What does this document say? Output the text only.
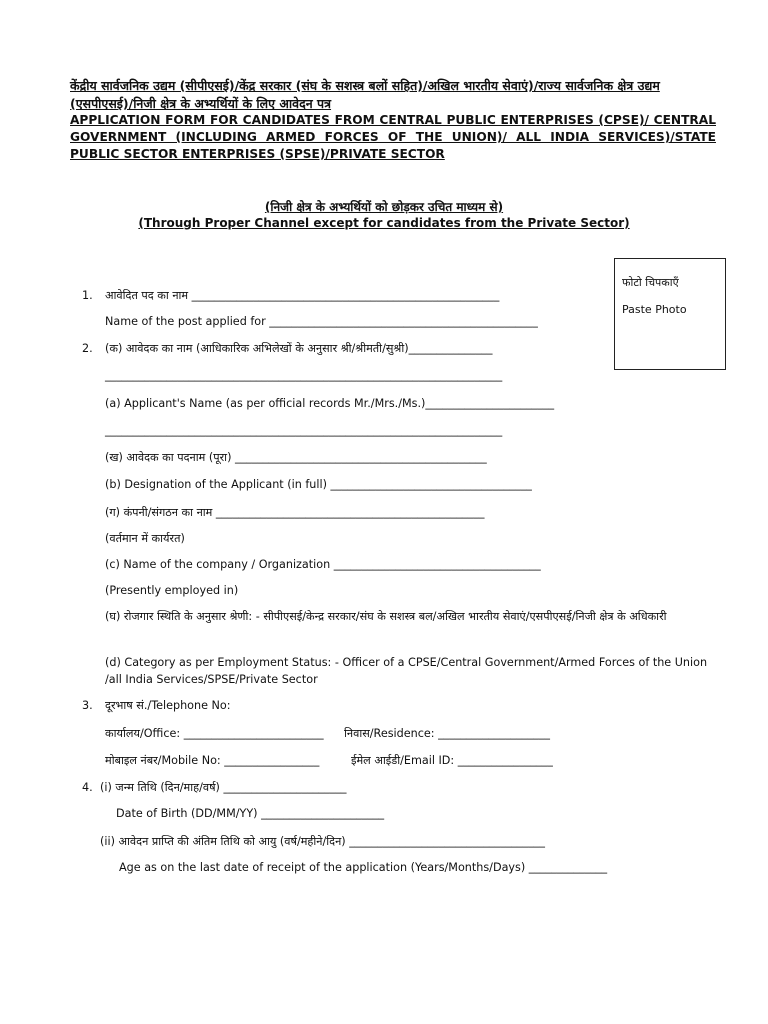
केंद्रीय सार्वजनिक उद्यम (सीपीएसई)/केंद्र सरकार (संघ के सशस्त्र बलों सहित)/अखिल भारतीय सेवाएं)/राज्य सार्वजनिक क्षेत्र उद्यम (एसपीएसई)/निजी क्षेत्र के अभ्यर्थियों के लिए आवेदन पत्र
APPLICATION FORM FOR CANDIDATES FROM CENTRAL PUBLIC ENTERPRISES (CPSE)/ CENTRAL GOVERNMENT (INCLUDING ARMED FORCES OF THE UNION)/ ALL INDIA SERVICES)/STATE PUBLIC SECTOR ENTERPRISES (SPSE)/PRIVATE SECTOR
(निजी क्षेत्र के अभ्यर्थियों को छोड़कर उचित माध्यम से)
(Through Proper Channel except for candidates from the Private Sector)
फोटो चिपकाएँ
Paste Photo
1. आवेदित पद का नाम _______________________________________________________
Name of the post applied for ________________________________________________
2. (क) आवेदक का नाम (आधिकारिक अभिलेखों के अनुसार श्री/श्रीमती/सुश्री)_______________
_______________________________________________________________________
(a) Applicant's Name (as per official records Mr./Mrs./Ms.)_______________________
_______________________________________________________________________
(ख) आवेदक का पदनाम (पूरा) _____________________________________________
(b) Designation of the Applicant (in full) ____________________________________
(ग) कंपनी/संगठन का नाम ________________________________________________
(वर्तमान में कार्यरत)
(c) Name of the company / Organization _____________________________________
(Presently employed in)
(घ) रोजगार स्थिति के अनुसार श्रेणी: - सीपीएसई/केन्द्र सरकार/संघ के सशस्त्र बल/अखिल भारतीय सेवाएं/एसपीएसई/निजी क्षेत्र के अधिकारी
(d) Category as per Employment Status: - Officer of a CPSE/Central Government/Armed Forces of the Union /all India Services/SPSE/Private Sector
3. दूरभाष सं./Telephone No:
कार्यालय/Office: _________________________ निवास/Residence: ____________________
मोबाइल नंबर/Mobile No: _________________	ईमेल आईडी/Email ID: _________________
4. (i) जन्म तिथि (दिन/माह/वर्ष) ______________________
Date of Birth (DD/MM/YY) ______________________
(ii) आवेदन प्राप्ति की अंतिम तिथि को आयु (वर्ष/महीने/दिन) ___________________________________
Age as on the last date of receipt of the application (Years/Months/Days) ______________
